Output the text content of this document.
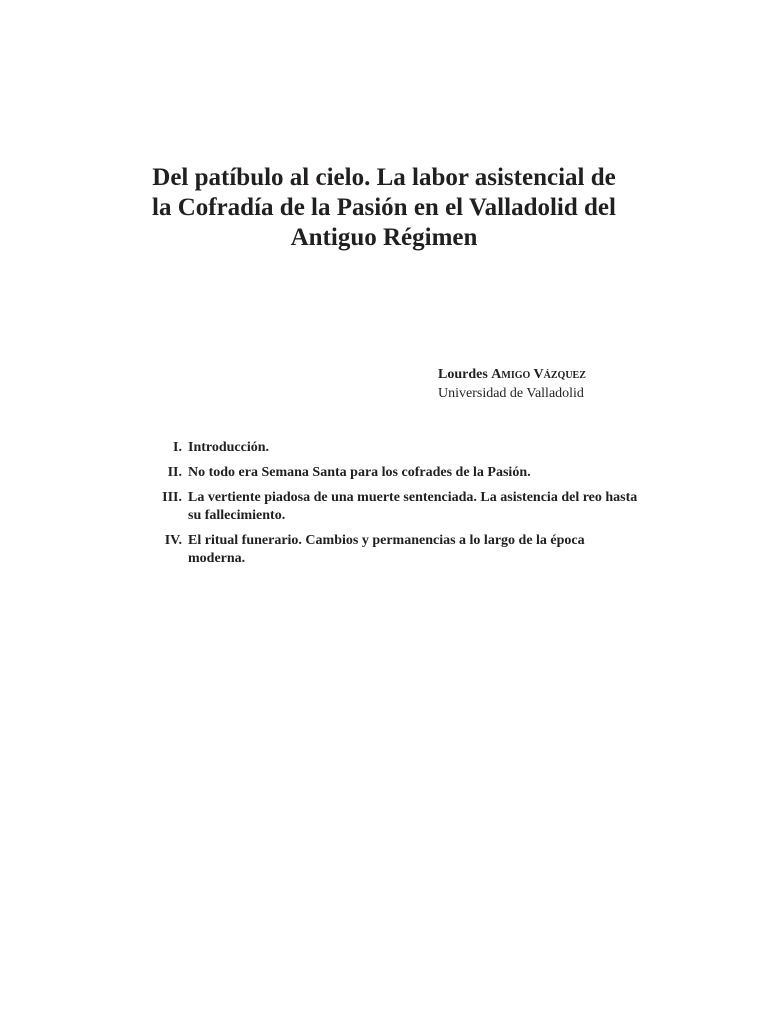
Del patíbulo al cielo. La labor asistencial de
la Cofradía de la Pasión en el Valladolid del
Antiguo Régimen
Lourdes Amigo Vázquez
Universidad de Valladolid
I. Introducción.
II. No todo era Semana Santa para los cofrades de la Pasión.
III. La vertiente piadosa de una muerte sentenciada. La asistencia del reo hasta su fallecimiento.
IV. El ritual funerario. Cambios y permanencias a lo largo de la época moderna.
